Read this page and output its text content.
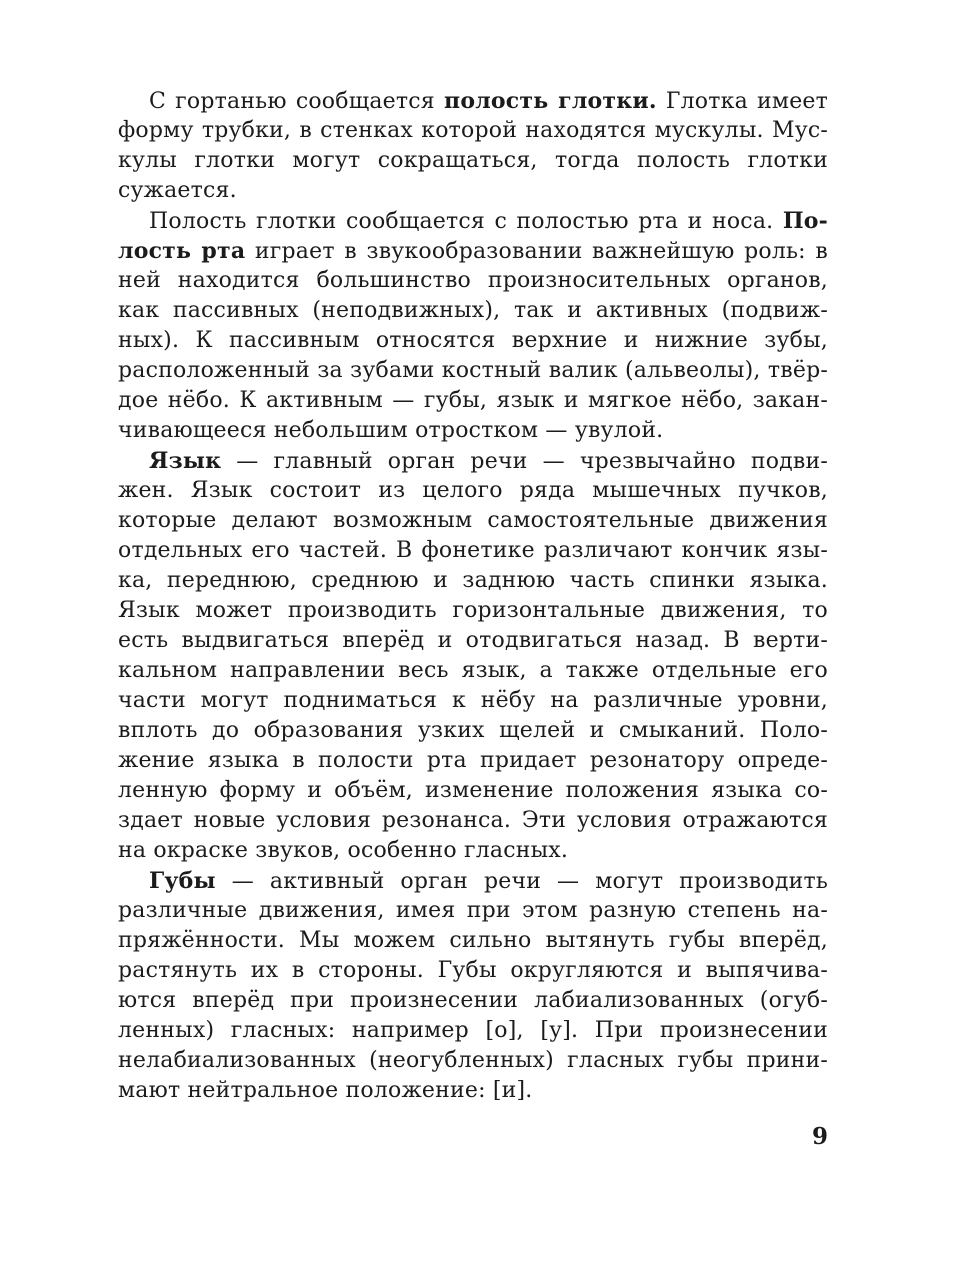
С гортанью сообщается полость глотки. Глотка имеет
форму трубки, в стенках которой находятся мускулы. Мус-
кулы глотки могут сокращаться, тогда полость глотки
сужается.
Полость глотки сообщается с полостью рта и носа. По-
лость рта играет в звукообразовании важнейшую роль: в
ней находится большинство произносительных органов,
как пассивных (неподвижных), так и активных (подвиж-
ных). К пассивным относятся верхние и нижние зубы,
расположенный за зубами костный валик (альвеолы), твёр-
дое нёбо. К активным — губы, язык и мягкое нёбо, закан-
чивающееся небольшим отростком — увулой.
Язык — главный орган речи — чрезвычайно подви-
жен. Язык состоит из целого ряда мышечных пучков,
которые делают возможным самостоятельные движения
отдельных его частей. В фонетике различают кончик язы-
ка, переднюю, среднюю и заднюю часть спинки языка.
Язык может производить горизонтальные движения, то
есть выдвигаться вперёд и отодвигаться назад. В верти-
кальном направлении весь язык, а также отдельные его
части могут подниматься к нёбу на различные уровни,
вплоть до образования узких щелей и смыканий. Поло-
жение языка в полости рта придает резонатору опреде-
ленную форму и объём, изменение положения языка со-
здает новые условия резонанса. Эти условия отражаются
на окраске звуков, особенно гласных.
Губы — активный орган речи — могут производить
различные движения, имея при этом разную степень на-
пряжённости. Мы можем сильно вытянуть губы вперёд,
растянуть их в стороны. Губы округляются и выпячива-
ются вперёд при произнесении лабиализованных (огуб-
ленных) гласных: например [о], [у]. При произнесении
нелабиализованных (неогубленных) гласных губы прини-
мают нейтральное положение: [и].
9
